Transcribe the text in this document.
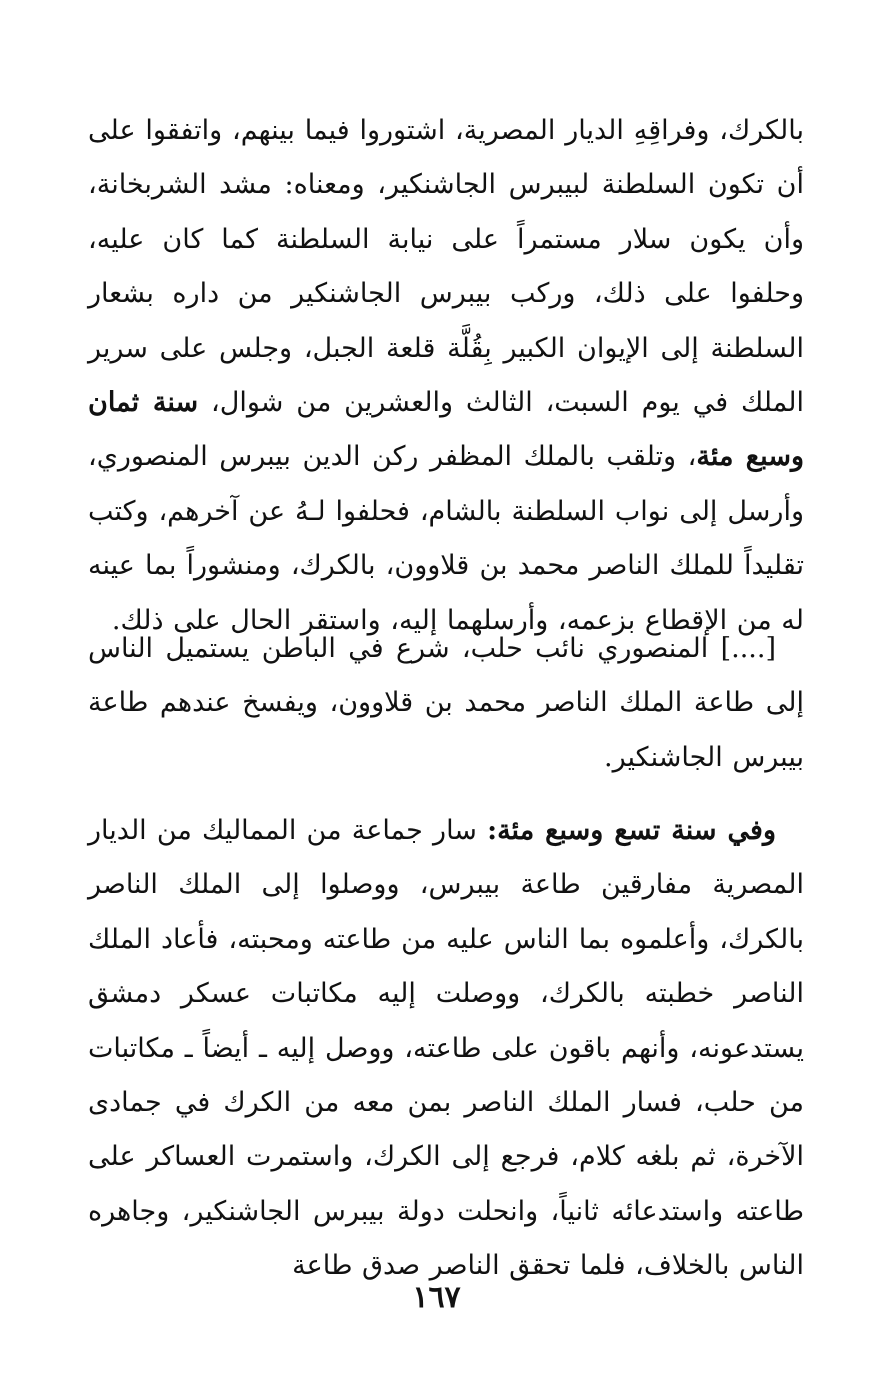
بالكرك، وفراقِهِ الديار المصرية، اشتوروا فيما بينهم، واتفقوا على أن تكون السلطنة لبيبرس الجاشنكير، ومعناه: مشد الشربخانة، وأن يكون سلار مستمراً على نيابة السلطنة كما كان عليه، وحلفوا على ذلك، وركب بيبرس الجاشنكير من داره بشعار السلطنة إلى الإيوان الكبير بِقُلَّة قلعة الجبل، وجلس على سرير الملك في يوم السبت، الثالث والعشرين من شوال، سنة ثمان وسبع مئة، وتلقب بالملك المظفر ركن الدين بيبرس المنصوري، وأرسل إلى نواب السلطنة بالشام، فحلفوا لـهُ عن آخرهم، وكتب تقليداً للملك الناصر محمد بن قلاوون، بالكرك، ومنشوراً بما عينه له من الإقطاع بزعمه، وأرسلهما إليه، واستقر الحال على ذلك.
[....] المنصوري نائب حلب، شرع في الباطن يستميل الناس إلى طاعة الملك الناصر محمد بن قلاوون، ويفسخ عندهم طاعة بيبرس الجاشنكير.
وفي سنة تسع وسبع مئة: سار جماعة من المماليك من الديار المصرية مفارقين طاعة بيبرس، ووصلوا إلى الملك الناصر بالكرك، وأعلموه بما الناس عليه من طاعته ومحبته، فأعاد الملك الناصر خطبته بالكرك، ووصلت إليه مكاتبات عسكر دمشق يستدعونه، وأنهم باقون على طاعته، ووصل إليه ـ أيضاً ـ مكاتبات من حلب، فسار الملك الناصر بمن معه من الكرك في جمادى الآخرة، ثم بلغه كلام، فرجع إلى الكرك، واستمرت العساكر على طاعته واستدعائه ثانياً، وانحلت دولة بيبرس الجاشنكير، وجاهره الناس بالخلاف، فلما تحقق الناصر صدق طاعة
١٦٧
